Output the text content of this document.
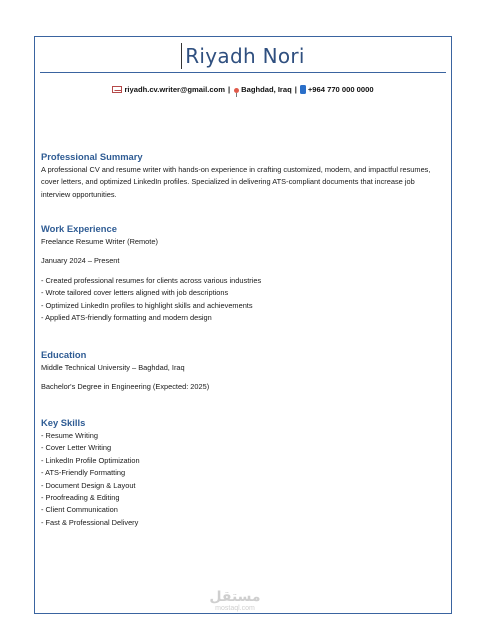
Riyadh Nori
riyadh.cv.writer@gmail.com | Baghdad, Iraq | +964 770 000 0000
Professional Summary

A professional CV and resume writer with hands-on experience in crafting customized, modern, and impactful resumes, cover letters, and optimized LinkedIn profiles. Specialized in delivering ATS-compliant documents that increase job interview opportunities.

Work Experience

Freelance Resume Writer (Remote)

January 2024 – Present

- Created professional resumes for clients across various industries

- Wrote tailored cover letters aligned with job descriptions

- Optimized LinkedIn profiles to highlight skills and achievements

- Applied ATS-friendly formatting and modern design

Education

Middle Technical University – Baghdad, Iraq

Bachelor's Degree in Engineering (Expected: 2025)

Key Skills

- Resume Writing

- Cover Letter Writing

- LinkedIn Profile Optimization

- ATS-Friendly Formatting

- Document Design & Layout

- Proofreading & Editing

- Client Communication

- Fast & Professional Delivery

مستقل
mostaql.com
